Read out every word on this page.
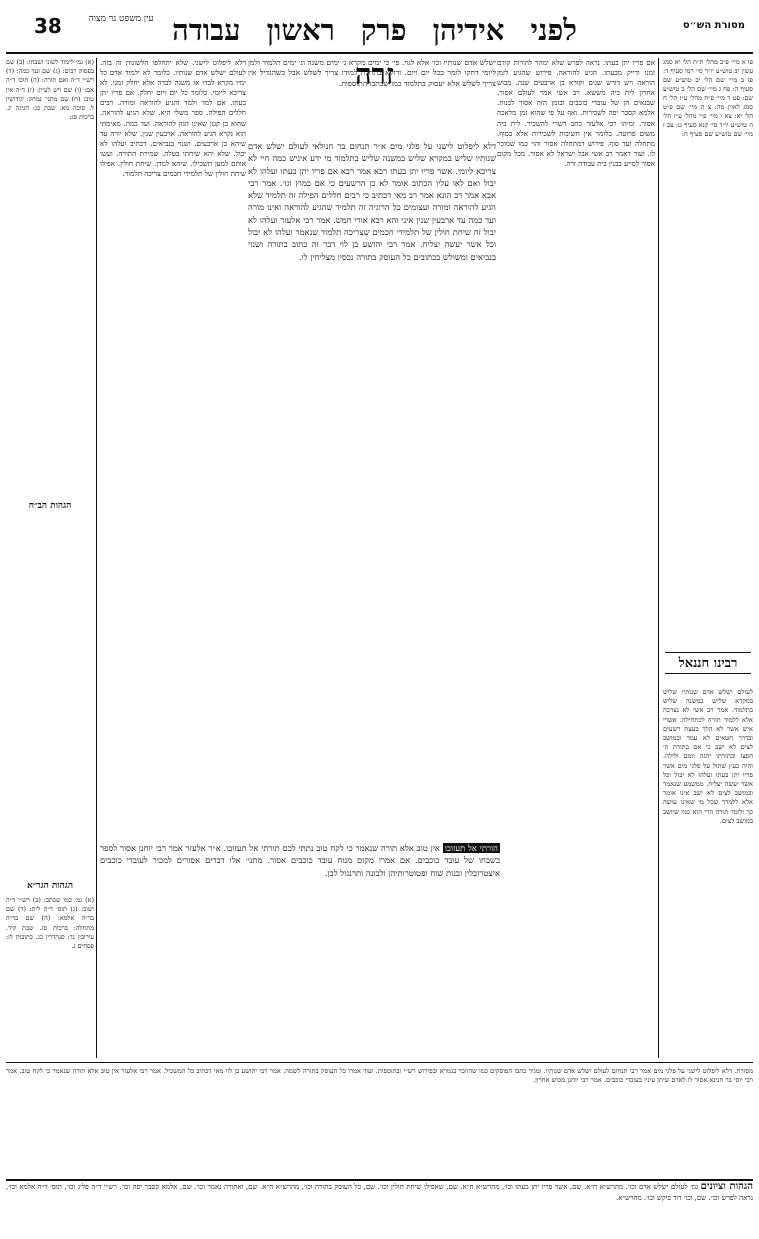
מסורת הש״ס
לפני אידיהן פרק ראשון עבודה זרה
38	עין משפט נר מצוה
פו א מיי׳ פ״ב מהל׳ ת״ת הל׳ יא סמג עשין יב טוש״ע יו״ד סי׳ רמו סעיף ד: פז ב מיי׳ שם הל׳ יב טוש״ע שם סעיף ה: פח ג מיי׳ שם הל׳ ב טוש״ע שם: פט ד מיי׳ פ״ח מהל׳ ע״ז הל׳ ח סמג לאוין מה: צ ה מיי׳ שם פ״ט הל׳ יא: צא ו מיי׳ פ״י מהל׳ ע״ז הל׳ ה טוש״ע יו״ד סי׳ קנא סעיף ט: צב ז מיי׳ שם טוש״ע שם סעיף ח:
רבינו חננאל
לעולם ישלש אדם שנותיו שליש במקרא שליש במשנה שליש בתלמוד. אמר רב אשי לא נצרכה אלא ללמוד תורה לכתחילה. אשרי איש אשר לא הלך בעצת רשעים ובדרך חטאים לא עמד ובמושב לצים לא ישב כי אם בתורת ה׳ חפצו ובתורתו יהגה יומם ולילה. והיה כעץ שתול על פלגי מים אשר פריו יתן בעתו ועלהו לא יבול וכל אשר יעשה יצליח. ממשמע שנאמר ובמושב לצים לא ישב אינו אומר אלא ללמדך שכל מי שאינו עושה כך ולומד תורה הרי הוא כמי שיושב במושב לצים.
אם פריו יתן בעתו. נראה לפרש שלא ימהר להורות קודם זמנו ודייק מבעתו. הגיע להוראה. פירוש שהגיע לזמן הוראה ויש דורש שנים וקורא בן ארבעים שנה. מכוש אחרון לית ביה מששא. רב אשי אמר לעולם אסור. שבנאים הן של עובדי כוכבים ובזמן הזה אסור לבנות. אלמא קסבר יפה לשכירות. ואף על פי שהוא זמן מלאכה אסור. ומיהו רבי אלעזר כתב דשרי להשכיר. לית ביה משום פרוטה. כלומר אין חשיבות לשכירות אלא בסוף. מתחלה ועד סוף. פירוש דמתחלה אסור והוי כמו שמוכר לו. ועוד דאמר רב אשי אבל ישראל לא אסור. מכל מקום אסור לסייע בבנין בית עבודה זרה.
ישלש אדם שנותיו וכו׳ אלא לגוי. פי׳ כי ימים מקרא ג׳ ימים משנה וג׳ ימים תלמוד ולמן ליומי דחקו לומר בכל יום ויום. ודוקא בתחלת למודו צריך לשלש אבל כשהגדיל אין צריך לשלש אלא יעסוק בתלמוד כמו שכתבו התוספות.
דלא ליפלוט לישני על פלגי מים א״ר תנחום בר חנילאי לעולם ישלש אדם שנותיו שליש במקרא שליש במשנה שליש בתלמוד מי ידע איניש כמה חיי לא צריכא ליומי. אשר פריו יתן בעתו רבא אמר רבא אם פריו יתן בעתו ועלהו לא יבול ואם לאו עליו הכתוב אומר לא כן הרשעים כי אם כמוץ וגו׳. אמר רבי אבא אמר רב הונא אמר רב מאי דכתיב כי רבים חללים הפילה זה תלמיד שלא הגיע להוראה ומורה ועצומים כל הרוגיה זה תלמיד שהגיע להוראה ואינו מורה ועד כמה עד ארבעין שנין איני והא רבא אורי חמש. אמר רבי אלעזר ועלהו לא יבול זה שיחת חולין של תלמידי חכמים שצריכה תלמוד שנאמר ועלהו לא יבול וכל אשר יעשה יצליח. אמר רבי יהושע בן לוי דבר זה כתוב בתורה ושנוי בנביאים ומשולש בכתובים כל העוסק בתורה נכסיו מצליחין לו.
הורתי אל תעזובו אין טוב אלא תורה שנאמר כי לקח טוב נתתי לכם תורתי אל תעזובו. א״ר אלעזר אמר רבי יוחנן אסור לספר בשבחו של עובד כוכבים. אם אמרו מקום מנוח עובד כוכבים אסור. מתני׳ אלו דברים אסורים למכור לעובדי כוכבים איצטרובלין ובנות שוח ופטוטרותיהן ולבונה ותרנגול לבן.
דלא ליפלוט לישני. שלא יתחלפו הלשונות זה בזה. לעולם ישלש אדם שנותיו. כלומר לא ילמוד אדם כל ימיו מקרא לבדו או משנה לבדה אלא יחלק זמנו. לא צריכא ליומי. כלומר כל יום ויום יחלק. אם פריו יתן בעתו. אם למד ולמד והגיע להוראה ומורה. רבים חללים הפילה. ספר משלי היא. שלא הגיע להוראה. שהוא בן קטן שאינו הגון להוראה. ועד כמה. מאימתי הוא נקרא הגיע להוראה. ארבעין שנין. שלא יורה עד שיהא בן ארבעים. ושנוי בנביאים. דכתיב ועלהו לא יבול. שלא יהא שיחתו בטלה. שמירת התורה. ועשו אותם למען תשכילו. שיהא למדן. שיחת חולין. אפילו שיחת חולין של תלמידי חכמים צריכה תלמוד.
הגהות הב״ח
(א) גמ׳ לימוד לשוני ושבחו: (ב) שם בפסוק רבים: (ג) שם ועד כמה: (ד) רש״י ד״ה ואם תורה: (ה) תוס׳ ד״ה אם: (ו) שם ויש לעיין: (ז) ד״ה אין טוב: (ח) שם מתני׳ נמחק: קידושין ל. סוכה מא. שבת כג: חגיגה יג. ברכות סג:
הגהות הגר״א
(א) גמ׳ כמו שכתב: (ב) רש״י ד״ה ושוב: (ג) תוס׳ ד״ה לית: (ד) שם בד״ה אלמא: (ה) שם בד״ה מתחלה: ברכות סג. שבת קיד. עירובין נד: סנהדרין כג. כתובות לז: פסחים נ.
מסורת. דלא ליפלוט לישני על פלגי מים אמר רבי תנחום לעולם ישלש אדם שנותיו. ומגיד כתבו הפוסקים כמו שהוזכר בגמרא ובפירוש רש״י ובתוספות. ועוד אמרו כל העוסק בתורה לשמה. אמר רבי יהושע בן לוי מאי דכתיב כל המשכיל. אמר רבי אלעזר אין טוב אלא תורה שנאמר כי לקח טוב. אמר רבי יוסי בר חנינא אסור לו לאדם שיתן עיניו בעובדי כוכבים. אמר רבי יוחנן מכוש אחרון.
הגהות וציונים גמ׳ לעולם ישלש אדם וכו׳. מהרש״א ח״א. שם, אשר פריו יתן בעתו וכו׳, מהרש״א ח״א. שם, שאפילו שיחת חולין וכו׳. שם, כל העוסק בתורה וכו׳, מהרש״א ח״א. שם, ואתורה נאמר וכו׳. שם, אלמא קסבר יפה וכו׳. רש״י ד״ה פליג וכו׳, תוס׳ ד״ה אלמא וכו׳, נראה לפרש וכו׳. שם, וכו׳ דוד ביקש וכו׳. מהרש״א.
